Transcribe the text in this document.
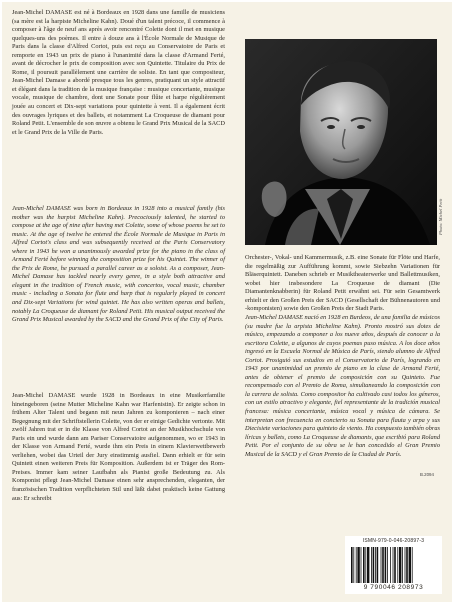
Jean-Michel DAMASE est né à Bordeaux en 1928 dans une famille de musiciens (sa mère est la harpiste Micheline Kahn). Doué d'un talent précoce, il commence à composer à l'âge de neuf ans après avoir rencontré Colette dont il met en musique quelques-uns des poèmes. Il entre à douze ans à l'École Normale de Musique de Paris dans la classe d'Alfred Cortot, puis est reçu au Conservatoire de Paris et remporte en 1943 un prix de piano à l'unanimité dans la classe d'Armand Ferté, avant de décrocher le prix de composition avec son Quintette. Titulaire du Prix de Rome, il poursuit parallèlement une carrière de soliste. En tant que compositeur, Jean-Michel Damase a abordé presque tous les genres, pratiquant un style attractif et élégant dans la tradition de la musique française : musique concertante, musique vocale, musique de chambre, dont une Sonate pour flûte et harpe régulièrement jouée au concert et Dix-sept variations pour quintette à vent. Il a également écrit des ouvrages lyriques et des ballets, et notamment La Croqueuse de diamant pour Roland Petit. L'ensemble de son œuvre a obtenu le Grand Prix Musical de la SACD et le Grand Prix de la Ville de Paris.

Jean-Michel DAMASE was born in Bordeaux in 1928 into a musical family (his mother was the harpist Micheline Kahn). Precociously talented, he started to compose at the age of nine after having met Colette, some of whose poems he set to music. At the age of twelve he entered the École Normale de Musique in Paris in Alfred Cortot's class and was subsequently received at the Paris Conservatory where in 1943 he won a unanimously awarded prize for the piano in the class of Armand Ferté before winning the composition prize for his Quintet. The winner of the Prix de Rome, he pursued a parallel career as a soloist. As a composer, Jean-Michel Damase has tackled nearly every genre, in a style both attractive and elegant in the tradition of French music, with concertos, vocal music, chamber music - including a Sonata for flute and harp that is regularly played in concert and Dix-sept Variations for wind quintet. He has also written operas and ballets, notably La Croqueuse de diamant for Roland Petit. His musical output received the Grand Prix Musical awarded by the SACD and the Grand Prix of the City of Paris.

Jean-Michel DAMASE wurde 1928 in Bordeaux in eine Musikerfamilie hineingeboren (seine Mutter Micheline Kahn war Harfenistin). Er zeigte schon in frühem Alter Talent und begann mit neun Jahren zu komponieren – nach einer Begegnung mit der Schriftstellerin Colette, von der er einige Gedichte vertonte. Mit zwölf Jahren trat er in die Klasse von Alfred Cortot an der Musikhochschule von Paris ein und wurde dann am Pariser Conservatoire aufgenommen, wo er 1943 in der Klasse von Armand Ferté, wurde ihm ein Preis in einem Klavierwettbewerb verliehen, wobei das Urteil der Jury einstimmig ausfiel. Dann erhielt er für sein Quintett einen weiteren Preis für Komposition. Außerdem ist er Träger des Rom-Preises. Immer kam seiner Laufbahn als Pianist große Bedeutung zu. Als Komponist pflegt Jean-Michel Damase einen sehr ansprechenden, eleganten, der französischen Tradition verpflichteten Stil und läßt dabei praktisch keine Gattung aus: Er schreibt

Photo: Michel Petit

Orchester-, Vokal- und Kammermusik, z.B. eine Sonate für Flöte und Harfe, die regelmäßig zur Aufführung kommt, sowie Siebzehn Variationen für Bläserquintett. Daneben schrieb er Musiktheaterwerke und Ballettmusiken, wobei hier insbesondere La Croqueuse de diamant (Die Diamantenknabberin) für Roland Petit erwähnt sei. Für sein Gesamtwerk erhielt er den Großen Preis der SACD (Gesellschaft der Bühnenautoren und -komponisten) sowie den Großen Preis der Stadt Paris.

Jean-Michel DAMASE nació en 1928 en Burdeos, de una familia de músicos (su madre fue la arpista Micheline Kahn). Pronto mostró sus dotes de músico, empezando a componer a los nueve años, después de conocer a la escritora Colette, a algunos de cuyos poemas puso música. A los doce años ingresó en la Escuela Normal de Música de París, siendo alumno de Alfred Cortot. Prosiguió sus estudios en el Conservatorio de París, logrando en 1943 por unanimidad un premio de piano en la clase de Armand Ferté, antes de obtener el premio de composición con su Quinteto. Fue recompensado con el Premio de Roma, simultaneando la composición con la carrera de solista. Como compositor ha cultivado casi todos los géneros, con un estilo atractivo y elegante, fiel representante de la tradición musical francesa: música concertante, música vocal y música de cámara. Se interpretan con frecuencia en concierto su Sonata para flauta y arpa y sus Diecisiete variaciones para quinteto de viento. Ha compuesto también obras líricas y ballets, como La Croqueuse de diamants, que escribió para Roland Petit. Por el conjunto de su obra se le han concedido el Gran Premio Musical de la SACD y el Gran Premio de la Ciudad de París.

B.2094
ISMN-979-0-046-20897-3
9 790046 208973
